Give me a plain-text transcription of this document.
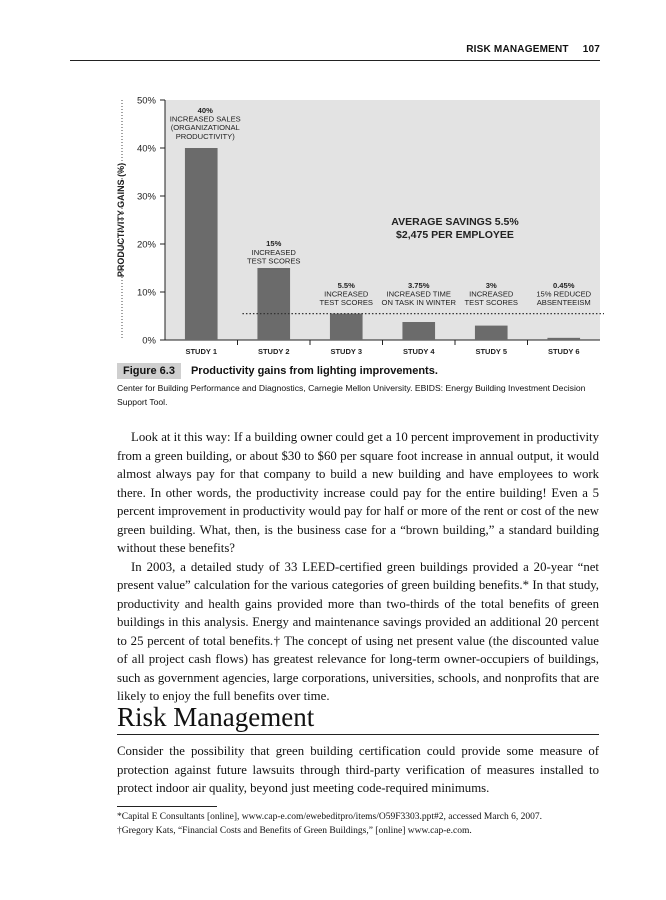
RISK MANAGEMENT 107
PRODUCTIVITY GAINS (%)
0%
10%
20%
30%
40%
50%
STUDY 1	STUDY 2	STUDY 3	STUDY 4	STUDY 5	STUDY 6
40%
INCREASED SALES
(ORGANIZATIONAL
PRODUCTIVITY)
15%
INCREASED
TEST SCORES
5.5%
INCREASED
TEST SCORES
3.75%
INCREASED TIME
ON TASK IN WINTER
3%
INCREASED
TEST SCORES
0.45%
15% REDUCED
ABSENTEEISM
AVERAGE SAVINGS 5.5%
$2,475 PER EMPLOYEE
Figure 6.3 Productivity gains from lighting improvements.
Center for Building Performance and Diagnostics, Carnegie Mellon University. EBIDS: Energy Building Investment Decision Support Tool.

Look at it this way: If a building owner could get a 10 percent improvement in productivity from a green building, or about $30 to $60 per square foot increase in annual output, it would almost always pay for that company to build a new building and have employees to work there. In other words, the productivity increase could pay for the entire building! Even a 5 percent improvement in productivity would pay for half or more of the rent or cost of the new green building. What, then, is the business case for a “brown building,” a standard building without these benefits?

In 2003, a detailed study of 33 LEED-certified green buildings provided a 20-year “net present value” calculation for the various categories of green building benefits.* In that study, productivity and health gains provided more than two-thirds of the total benefits of green buildings in this analysis. Energy and maintenance savings provided an additional 20 percent to 25 percent of total benefits.† The concept of using net present value (the discounted value of all project cash flows) has greatest relevance for long-term owner-occupiers of buildings, such as government agencies, large corporations, universities, schools, and nonprofits that are likely to enjoy the full benefits over time.

Risk Management

Consider the possibility that green building certification could provide some measure of protection against future lawsuits through third-party verification of measures installed to protect indoor air quality, beyond just meeting code-required minimums.

*Capital E Consultants [online], www.cap-e.com/ewebeditpro/items/O59F3303.ppt#2, accessed March 6, 2007.
†Gregory Kats, “Financial Costs and Benefits of Green Buildings,” [online] www.cap-e.com.
